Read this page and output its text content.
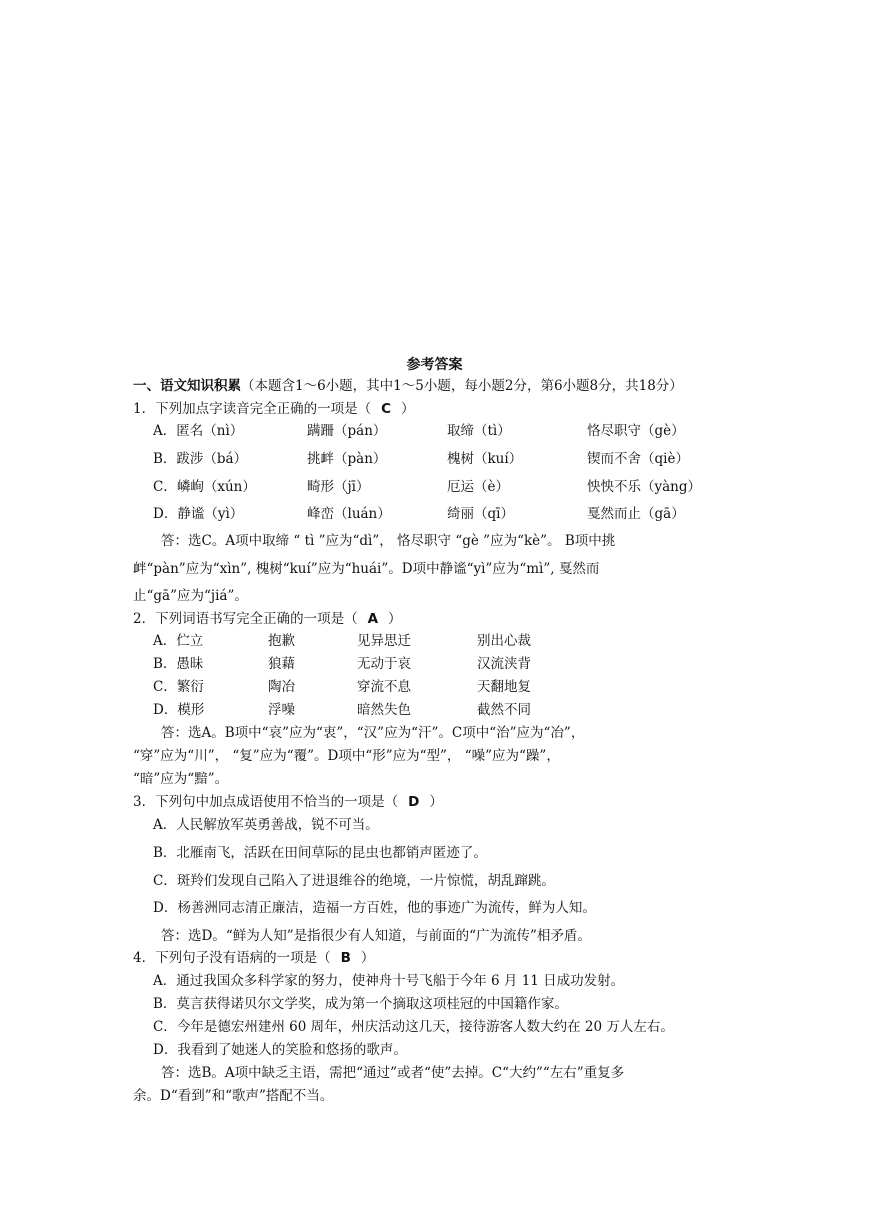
参考答案
一、语文知识积累（本题含1～6小题，其中1～5小题，每小题2分，第6小题8分，共18分）
1．下列加点字读音完全正确的一项是（ C ）
A．匿名（nì）	蹒跚（pán）	取缔（tì）	恪尽职守（gè）
B．跋涉（bá）	挑衅（pàn）	槐树（kuí）	锲而不舍（qiè）
C．嶙峋（xún）	畸形（jī）	厄运（è）	怏怏不乐（yàng）
D．静谧（yì）	峰峦（luán）	绮丽（qī）	戛然而止（gā）
答：选C。A项中取缔 “ tì ”应为“dì”， 恪尽职守 “gè ”应为“kè”。 B项中挑
衅“pàn”应为“xìn”, 槐树“kuí”应为“huái”。D项中静谧“yì”应为“mì”, 戛然而
止“gā”应为“jiá”。
2．下列词语书写完全正确的一项是（ A ）
A．伫立	抱歉	见异思迁	别出心裁
B．愚昧	狼藉	无动于哀	汉流浃背
C．繁衍	陶冶	穿流不息	天翻地复
D．模形	浮噪	暗然失色	截然不同
答：选A。B项中“哀”应为“衷”，“汉”应为“汗”。C项中“治”应为“冶”，
“穿”应为“川”， “复”应为“覆”。D项中“形”应为“型”， “噪”应为“躁”，
“暗”应为“黯”。
3．下列句中加点成语使用不恰当的一项是（ D ）
A．人民解放军英勇善战，锐不可当。
B．北雁南飞，活跃在田间草际的昆虫也都销声匿迹了。
C．斑羚们发现自己陷入了进退维谷的绝境，一片惊慌，胡乱蹿跳。
D．杨善洲同志清正廉洁，造福一方百姓，他的事迹广为流传，鲜为人知。
答：选D。“鲜为人知”是指很少有人知道，与前面的“广为流传”相矛盾。
4．下列句子没有语病的一项是（ B ）
A．通过我国众多科学家的努力，使神舟十号飞船于今年 6 月 11 日成功发射。
B．莫言获得诺贝尔文学奖，成为第一个摘取这项桂冠的中国籍作家。
C．今年是德宏州建州 60 周年，州庆活动这几天，接待游客人数大约在 20 万人左右。
D．我看到了她迷人的笑脸和悠扬的歌声。
答：选B。A项中缺乏主语，需把“通过”或者“使”去掉。C“大约”“左右”重复多
余。D“看到”和“歌声”搭配不当。
